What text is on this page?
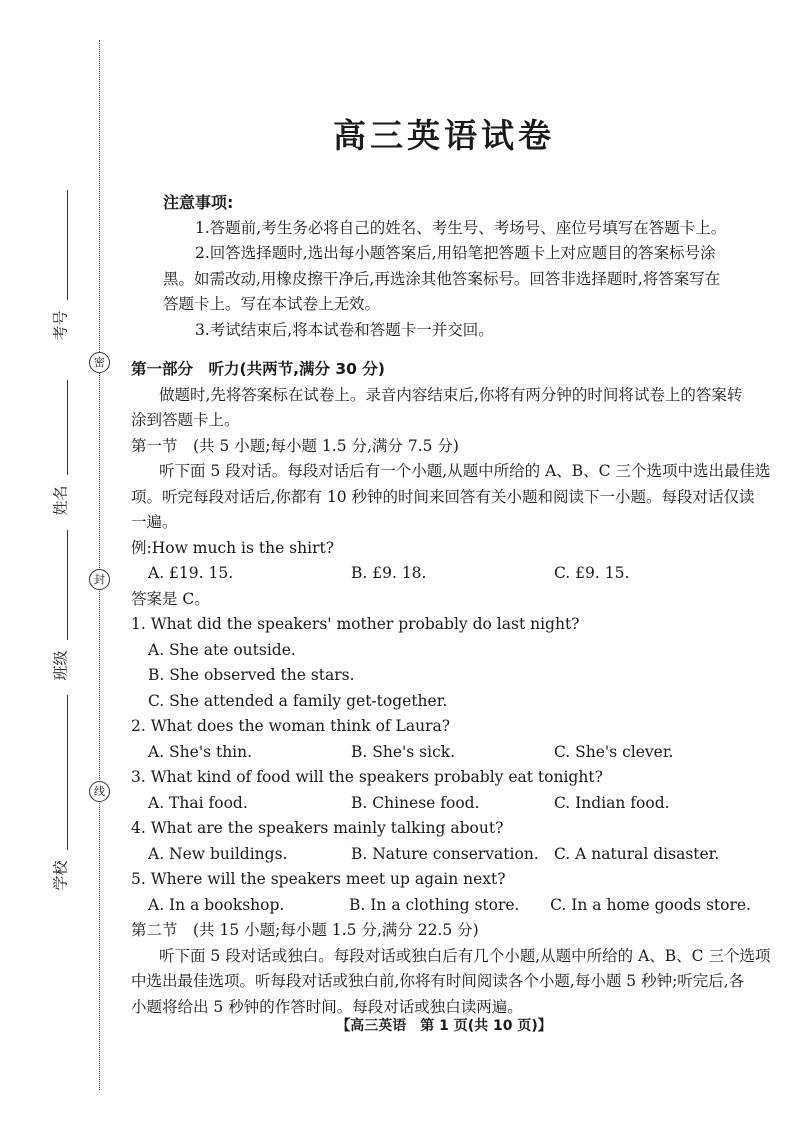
密
封
线
考号
姓名
班级
学校
高三英语试卷
注意事项:
1.答题前,考生务必将自己的姓名、考生号、考场号、座位号填写在答题卡上。
2.回答选择题时,选出每小题答案后,用铅笔把答题卡上对应题目的答案标号涂
黑。如需改动,用橡皮擦干净后,再选涂其他答案标号。回答非选择题时,将答案写在
答题卡上。写在本试卷上无效。
3.考试结束后,将本试卷和答题卡一并交回。
第一部分　听力(共两节,满分 30 分)
做题时,先将答案标在试卷上。录音内容结束后,你将有两分钟的时间将试卷上的答案转
涂到答题卡上。
第一节　(共 5 小题;每小题 1.5 分,满分 7.5 分)
听下面 5 段对话。每段对话后有一个小题,从题中所给的 A、B、C 三个选项中选出最佳选
项。听完每段对话后,你都有 10 秒钟的时间来回答有关小题和阅读下一小题。每段对话仅读
一遍。
例:How much is the shirt?
A. £19. 15.	B. £9. 18.	C. £9. 15.
答案是 C。
1. What did the speakers' mother probably do last night?
A. She ate outside.
B. She observed the stars.
C. She attended a family get-together.
2. What does the woman think of Laura?
A. She's thin.	B. She's sick.	C. She's clever.
3. What kind of food will the speakers probably eat tonight?
A. Thai food.	B. Chinese food.	C. Indian food.
4. What are the speakers mainly talking about?
A. New buildings.	B. Nature conservation. C. A natural disaster.
5. Where will the speakers meet up again next?
A. In a bookshop.	B. In a clothing store.	C. In a home goods store.
第二节　(共 15 小题;每小题 1.5 分,满分 22.5 分)
听下面 5 段对话或独白。每段对话或独白后有几个小题,从题中所给的 A、B、C 三个选项
中选出最佳选项。听每段对话或独白前,你将有时间阅读各个小题,每小题 5 秒钟;听完后,各
小题将给出 5 秒钟的作答时间。每段对话或独白读两遍。
【高三英语　第 1 页(共 10 页)】
